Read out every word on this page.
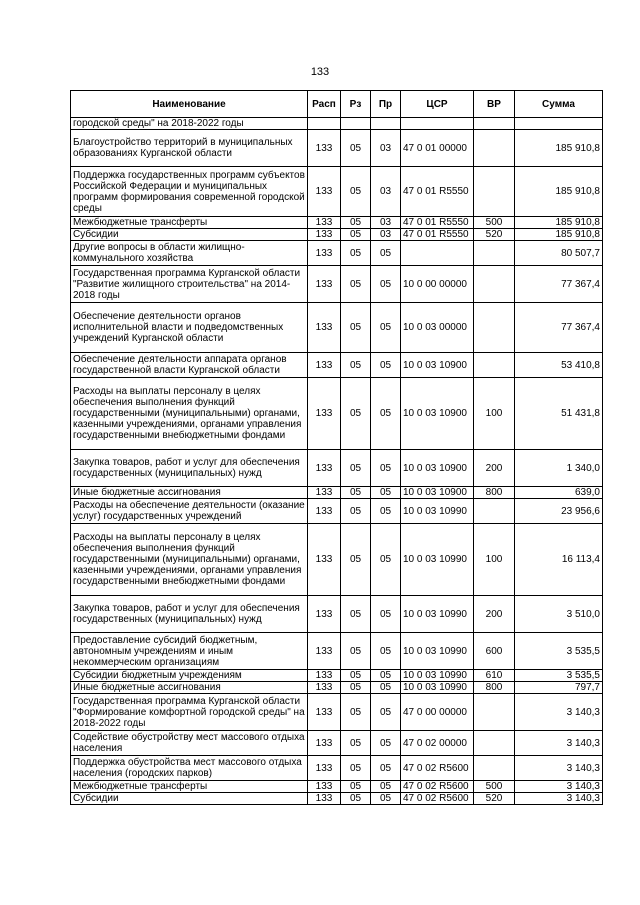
133
Наименование	Расп	Рз	Пр	ЦСР	ВР	Сумма
городской среды" на 2018-2022 годы						
Благоустройство территорий в муниципальных образованиях Курганской области	133	05	03	47 0 01 00000		185 910,8
Поддержка государственных программ субъектов Российской Федерации и муниципальных программ формирования современной городской среды	133	05	03	47 0 01 R5550		185 910,8
Межбюджетные трансферты	133	05	03	47 0 01 R5550	500	185 910,8
Субсидии	133	05	03	47 0 01 R5550	520	185 910,8
Другие вопросы в области жилищно-коммунального хозяйства	133	05	05			80 507,7
Государственная программа Курганской области "Развитие жилищного строительства" на 2014-2018 годы	133	05	05	10 0 00 00000		77 367,4
Обеспечение деятельности органов исполнительной власти и подведомственных учреждений Курганской области	133	05	05	10 0 03 00000		77 367,4
Обеспечение деятельности аппарата органов государственной власти Курганской области	133	05	05	10 0 03 10900		53 410,8
Расходы на выплаты персоналу в целях обеспечения выполнения функций государственными (муниципальными) органами, казенными учреждениями, органами управления государственными внебюджетными фондами	133	05	05	10 0 03 10900	100	51 431,8
Закупка товаров, работ и услуг для обеспечения государственных (муниципальных) нужд	133	05	05	10 0 03 10900	200	1 340,0
Иные бюджетные ассигнования	133	05	05	10 0 03 10900	800	639,0
Расходы на обеспечение деятельности (оказание услуг) государственных учреждений	133	05	05	10 0 03 10990		23 956,6
Расходы на выплаты персоналу в целях обеспечения выполнения функций государственными (муниципальными) органами, казенными учреждениями, органами управления государственными внебюджетными фондами	133	05	05	10 0 03 10990	100	16 113,4
Закупка товаров, работ и услуг для обеспечения государственных (муниципальных) нужд	133	05	05	10 0 03 10990	200	3 510,0
Предоставление субсидий бюджетным, автономным учреждениям и иным некоммерческим организациям	133	05	05	10 0 03 10990	600	3 535,5
Субсидии бюджетным учреждениям	133	05	05	10 0 03 10990	610	3 535,5
Иные бюджетные ассигнования	133	05	05	10 0 03 10990	800	797,7
Государственная программа Курганской области "Формирование комфортной городской среды" на 2018-2022 годы	133	05	05	47 0 00 00000		3 140,3
Содействие обустройству мест массового отдыха населения	133	05	05	47 0 02 00000		3 140,3
Поддержка обустройства мест массового отдыха населения (городских парков)	133	05	05	47 0 02 R5600		3 140,3
Межбюджетные трансферты	133	05	05	47 0 02 R5600	500	3 140,3
Субсидии	133	05	05	47 0 02 R5600	520	3 140,3
